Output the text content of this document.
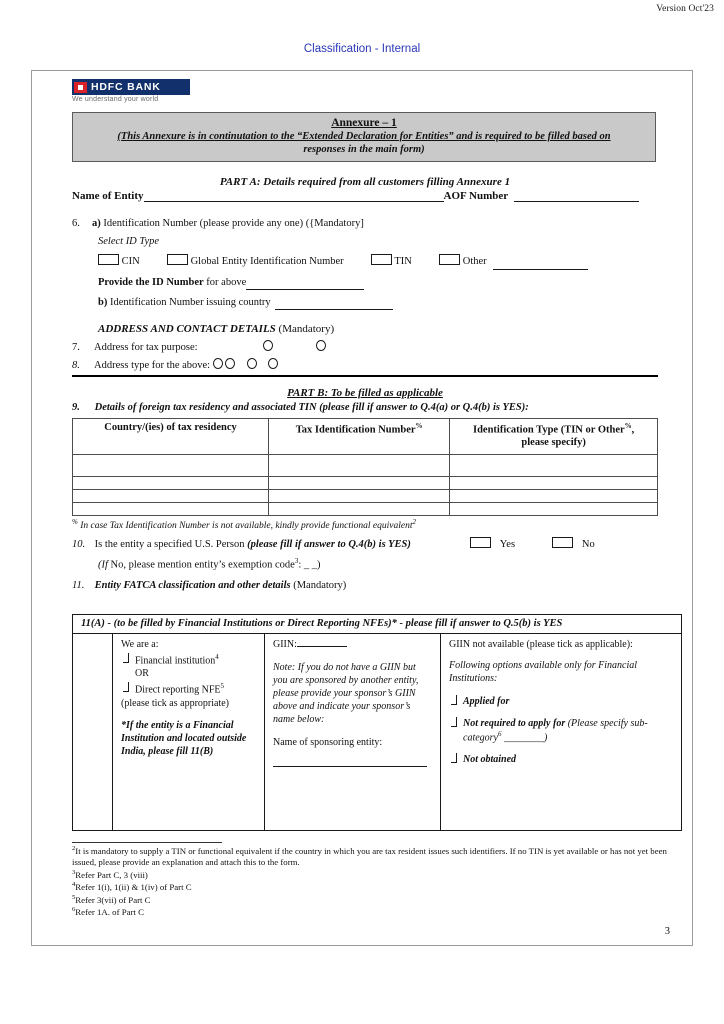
Version Oct'23
Classification - Internal
HDFC BANK
We understand your world
Annexure – 1
(This Annexure is in continutation to the “Extended Declaration for Entities” and is required to be filled based on
responses in the main form)
PART A: Details required from all customers filling Annexure 1
Name of Entity	AOF Number
6. a) Identification Number (please provide any one) ({Mandatory]
Select ID Type
CIN	Global Entity Identification Number	TIN	Other
Provide the ID Number for above
b) Identification Number issuing country
ADDRESS AND CONTACT DETAILS (Mandatory)
7. Address for tax purpose:
8. Address type for the above:
PART B: To be filled as applicable
9. Details of foreign tax residency and associated TIN (please fill if answer to Q.4(a) or Q.4(b) is YES):
Country/(ies) of tax residency	Tax Identification Number%	Identification Type (TIN or Other%,
please specify)

% In case Tax Identification Number is not available, kindly provide functional equivalent$^2$
10. Is the entity a specified U.S. Person (please fill if answer to Q.4(b) is YES)	Yes	No
(If No, please mention entity’s exemption code$^3$: _ _)
11. Entity FATCA classification and other details (Mandatory)
11(A) - (to be filled by Financial Institutions or Direct Reporting NFEs)* - please fill if answer to Q.5(b) is YES
We are a:
Financial institution$^4$
OR
Direct reporting NFE$^5$
(please tick as appropriate)
*If the entity is a Financial Institution and located outside India, please fill 11(B)
GIIN:
Note: If you do not have a GIIN but you are sponsored by another entity, please provide your sponsor’s GIIN above and indicate your sponsor’s name below:
Name of sponsoring entity:
GIIN not available (please tick as applicable):
Following options available only for Financial Institutions:
Applied for
Not required to apply for (Please specify sub-category$^6$ ________)
Not obtained

$^2$It is mandatory to supply a TIN or functional equivalent if the country in which you are tax resident issues such identifiers. If no TIN is yet available or has not yet been issued, please provide an explanation and attach this to the form.

$^3$Refer Part C, 3 (viii)

$^4$Refer 1(i), 1(ii) & 1(iv) of Part C

$^5$Refer 3(vii) of Part C

$^6$Refer 1A. of Part C

3
